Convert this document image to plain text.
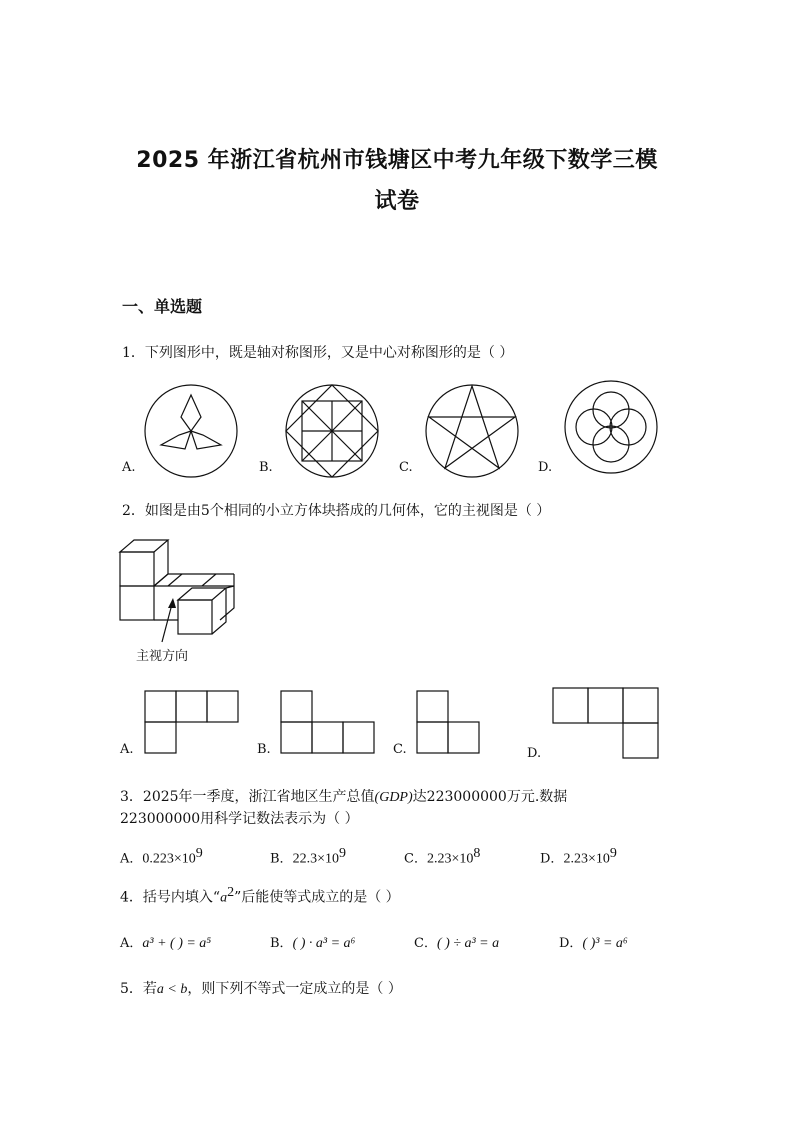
2025 年浙江省杭州市钱塘区中考九年级下数学三模
试卷
一、单选题
1．下列图形中，既是轴对称图形，又是中心对称图形的是（ ）
A.	B.	C.	D.
2．如图是由5个相同的小立方体块搭成的几何体，它的主视图是（ ）
主视方向
A.	B.	C.	D.
3．2025年一季度，浙江省地区生产总值(GDP)达223000000万元.数据
223000000用科学记数法表示为（ ）
A．$0.223\times 10^9$	B．$22.3\times 10^9$	C．$2.23\times 10^8$	D．$2.23\times 10^9$
4．括号内填入“$a^2$”后能使等式成立的是（ ）
A．a³ + ( ) = a⁵	B．( ) · a³ = a⁶	C．( ) ÷ a³ = a	D．( )³ = a⁶
5．若a < b，则下列不等式一定成立的是（ ）
